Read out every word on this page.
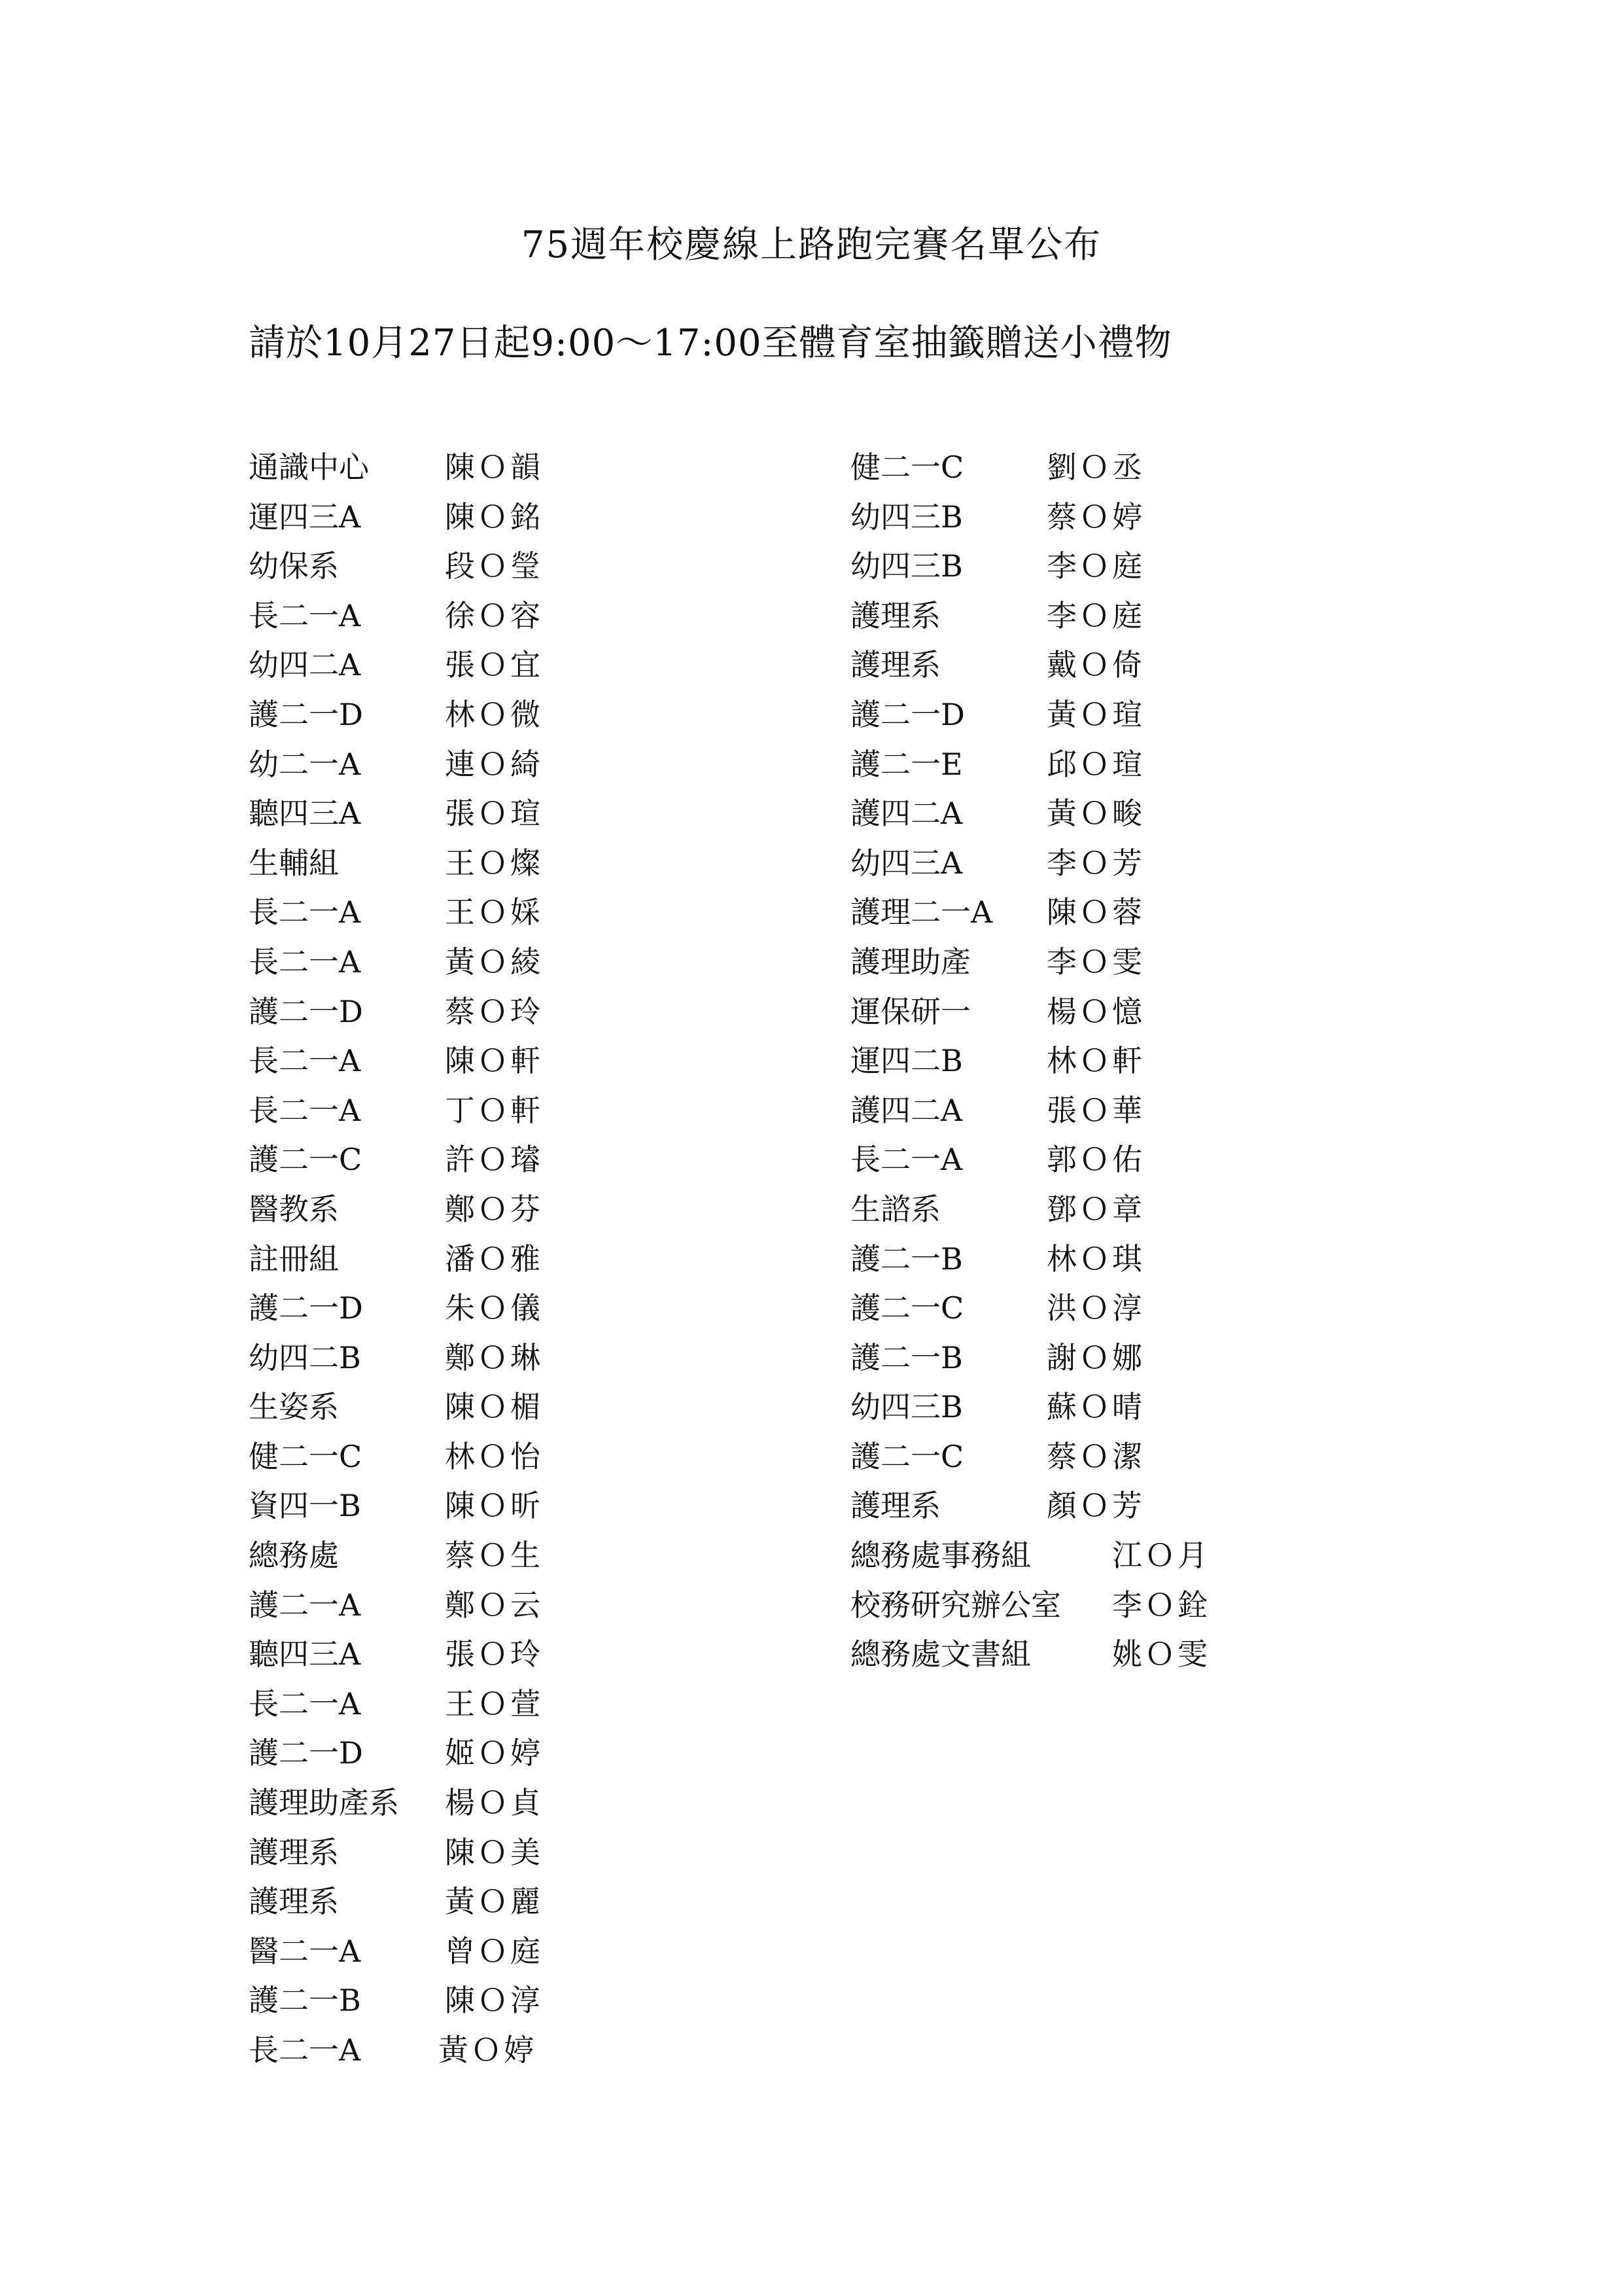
75週年校慶線上路跑完賽名單公布
請於10月27日起9:00～17:00至體育室抽籤贈送小禮物
通識中心	陳Ｏ韻
運四三A	陳Ｏ銘
幼保系	段Ｏ瑩
長二一A	徐Ｏ容
幼四二A	張Ｏ宜
護二一D	林Ｏ微
幼二一A	連Ｏ綺
聽四三A	張Ｏ瑄
生輔組	王Ｏ燦
長二一A	王Ｏ婇
長二一A	黃Ｏ綾
護二一D	蔡Ｏ玲
長二一A	陳Ｏ軒
長二一A	丁Ｏ軒
護二一C	許Ｏ璿
醫教系	鄭Ｏ芬
註冊組	潘Ｏ雅
護二一D	朱Ｏ儀
幼四二B	鄭Ｏ琳
生姿系	陳Ｏ楣
健二一C	林Ｏ怡
資四一B	陳Ｏ昕
總務處	蔡Ｏ生
護二一A	鄭Ｏ云
聽四三A	張Ｏ玲
長二一A	王Ｏ萱
護二一D	姬Ｏ婷
護理助產系 楊Ｏ貞
護理系	陳Ｏ美
護理系	黃Ｏ麗
醫二一A	曾Ｏ庭
護二一B	陳Ｏ淳
長二一A	黃Ｏ婷
健二一C	劉Ｏ丞
幼四三B	蔡Ｏ婷
幼四三B	李Ｏ庭
護理系	李Ｏ庭
護理系	戴Ｏ倚
護二一D	黃Ｏ瑄
護二一E	邱Ｏ瑄
護四二A	黃Ｏ畯
幼四三A	李Ｏ芳
護理二一A 陳Ｏ蓉
護理助產	李Ｏ雯
運保研一	楊Ｏ憶
運四二B	林Ｏ軒
護四二A	張Ｏ華
長二一A	郭Ｏ佑
生諮系	鄧Ｏ章
護二一B	林Ｏ琪
護二一C	洪Ｏ淳
護二一B	謝Ｏ娜
幼四三B	蘇Ｏ晴
護二一C	蔡Ｏ潔
護理系	顏Ｏ芳
總務處事務組	江Ｏ月
校務研究辦公室 李Ｏ銓
總務處文書組	姚Ｏ雯
